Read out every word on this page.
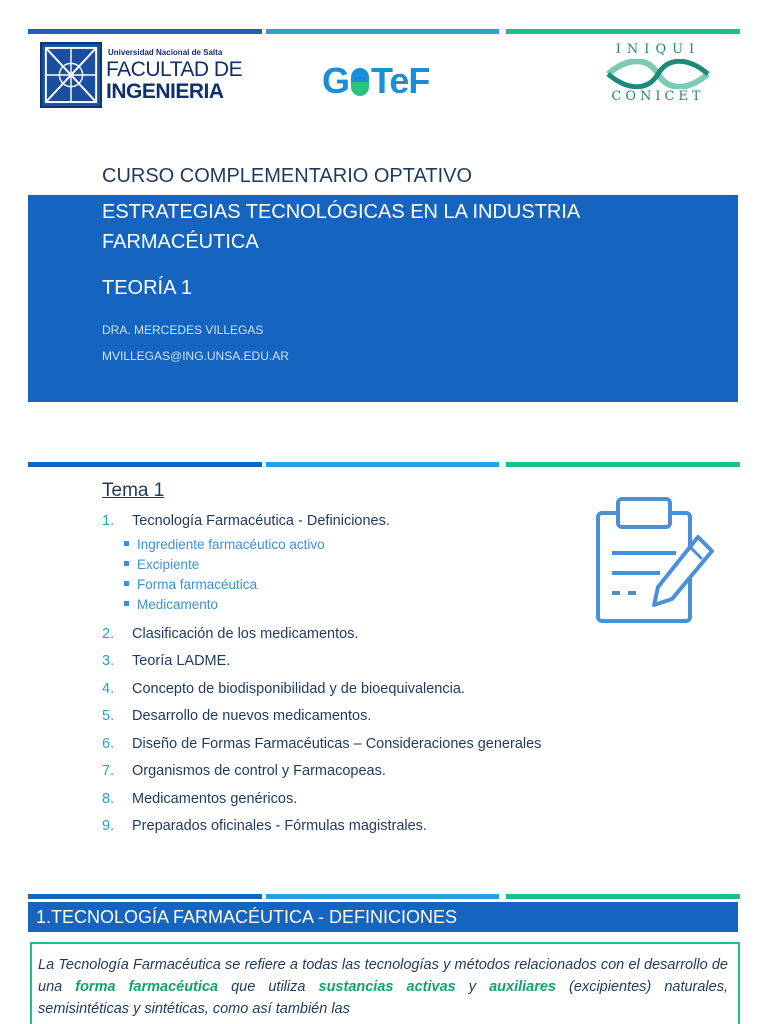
Universidad Nacional de Salta
FACULTAD DE
INGENIERIA	G TeF
INIQUI
CONICET
CURSO COMPLEMENTARIO OPTATIVO
ESTRATEGIAS TECNOLÓGICAS EN LA INDUSTRIA FARMACÉUTICA
TEORÍA 1
DRA. MERCEDES VILLEGAS
MVILLEGAS@ING.UNSA.EDU.AR
Tema 1
1. Tecnología Farmacéutica - Definiciones.
Ingrediente farmacéutico activo
Excipiente
Forma farmacéutica
Medicamento
2. Clasificación de los medicamentos.
3. Teoría LADME.
4. Concepto de biodisponibilidad y de bioequivalencia.
5. Desarrollo de nuevos medicamentos.
6. Diseño de Formas Farmacéuticas – Consideraciones generales
7. Organismos de control y Farmacopeas.
8. Medicamentos genéricos.
9. Preparados oficinales - Fórmulas magistrales.
1.TECNOLOGÍA FARMACÉUTICA - DEFINICIONES

La Tecnología Farmacéutica se refiere a todas las tecnologías y métodos relacionados con el desarrollo de una forma farmacéutica que utiliza sustancias activas y auxiliares (excipientes) naturales, semisintéticas y sintéticas, como así también las
